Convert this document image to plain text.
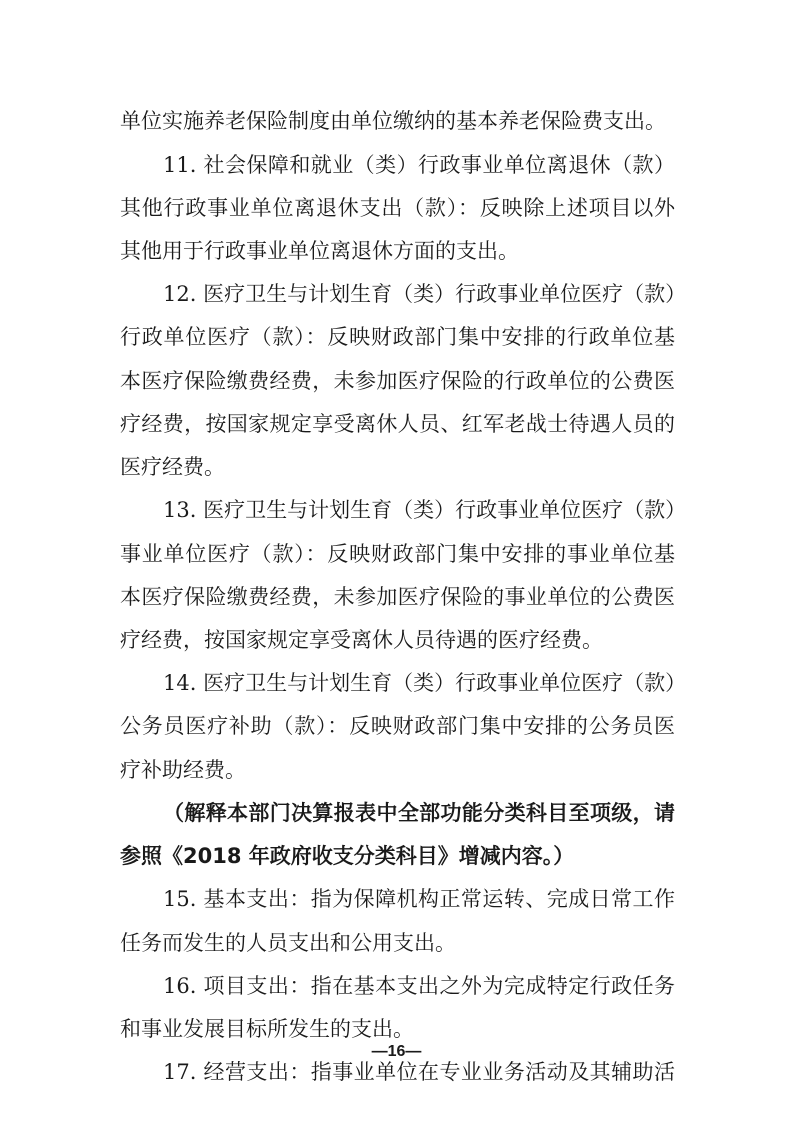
单位实施养老保险制度由单位缴纳的基本养老保险费支出。
11. 社会保障和就业（类）行政事业单位离退休（款）
其他行政事业单位离退休支出（款）：反映除上述项目以外
其他用于行政事业单位离退休方面的支出。
12. 医疗卫生与计划生育（类）行政事业单位医疗（款）
行政单位医疗（款）：反映财政部门集中安排的行政单位基
本医疗保险缴费经费，未参加医疗保险的行政单位的公费医
疗经费，按国家规定享受离休人员、红军老战士待遇人员的
医疗经费。
13. 医疗卫生与计划生育（类）行政事业单位医疗（款）
事业单位医疗（款）：反映财政部门集中安排的事业单位基
本医疗保险缴费经费，未参加医疗保险的事业单位的公费医
疗经费，按国家规定享受离休人员待遇的医疗经费。
14. 医疗卫生与计划生育（类）行政事业单位医疗（款）
公务员医疗补助（款）：反映财政部门集中安排的公务员医
疗补助经费。
（解释本部门决算报表中全部功能分类科目至项级，请
参照《2018 年政府收支分类科目》增减内容。）
15. 基本支出：指为保障机构正常运转、完成日常工作
任务而发生的人员支出和公用支出。
16. 项目支出：指在基本支出之外为完成特定行政任务
和事业发展目标所发生的支出。
17. 经营支出：指事业单位在专业业务活动及其辅助活
—16—
